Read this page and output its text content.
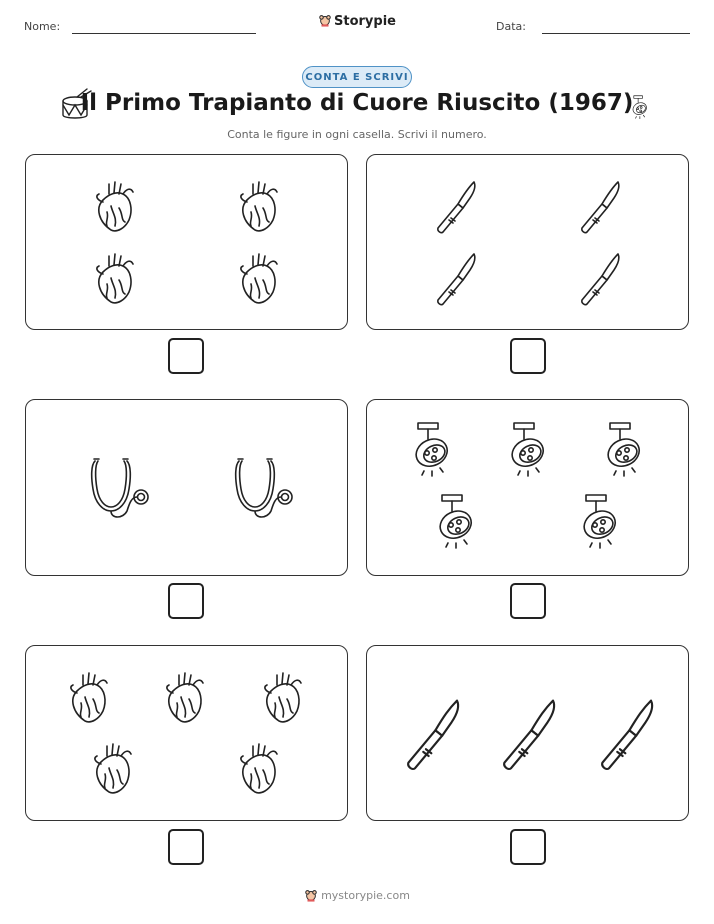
Nome:	Storypie	Data:
CONTA E SCRIVI
Il Primo Trapianto di Cuore Riuscito (1967)
Conta le figure in ogni casella. Scrivi il numero.
mystorypie.com
